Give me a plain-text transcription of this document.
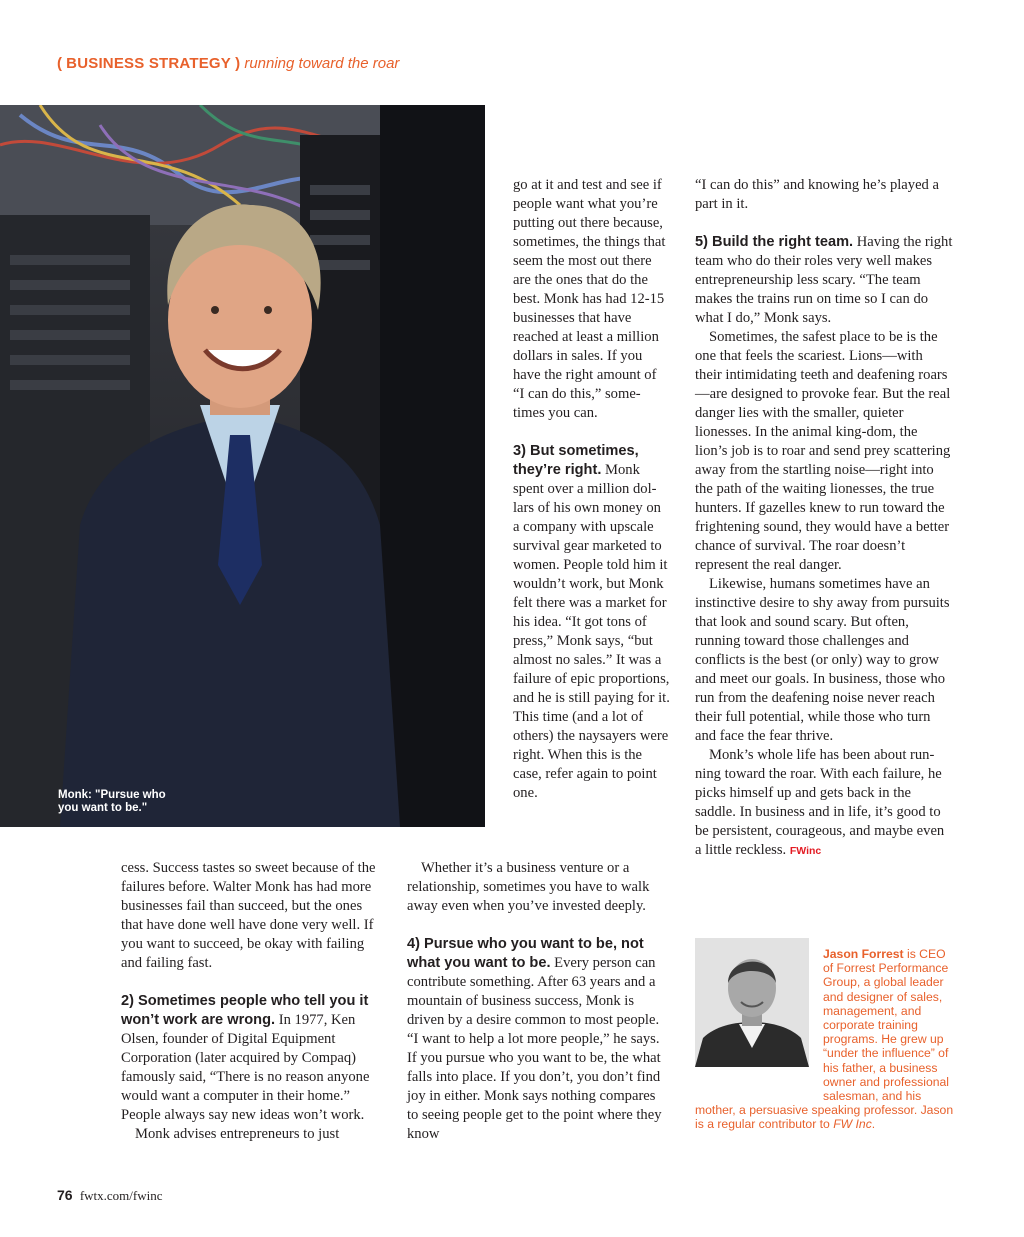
( BUSINESS STRATEGY ) running toward the roar
Monk: "Pursue who you want to be."

go at it and test and see if people want what you’re putting out there because, sometimes, the things that seem the most out there are the ones that do the best. Monk has had 12-15 businesses that have reached at least a million dollars in sales. If you have the right amount of “I can do this,” some-times you can.

3) But sometimes, they’re right. Monk spent over a million dol-lars of his own money on a company with upscale survival gear marketed to women. People told him it wouldn’t work, but Monk felt there was a market for his idea. “It got tons of press,” Monk says, “but almost no sales.” It was a failure of epic proportions, and he is still paying for it. This time (and a lot of others) the naysayers were right. When this is the case, refer again to point one.

cess. Success tastes so sweet because of the failures before. Walter Monk has had more businesses fail than succeed, but the ones that have done well have done very well. If you want to succeed, be okay with failing and failing fast.

2) Sometimes people who tell you it won’t work are wrong. In 1977, Ken Olsen, founder of Digital Equipment Corporation (later acquired by Compaq) famously said, “There is no reason anyone would want a computer in their home.” People always say new ideas won’t work.

Monk advises entrepreneurs to just

Whether it’s a business venture or a relationship, sometimes you have to walk away even when you’ve invested deeply.

4) Pursue who you want to be, not what you want to be. Every person can contribute something. After 63 years and a mountain of business success, Monk is driven by a desire common to most people. “I want to help a lot more people,” he says. If you pursue who you want to be, the what falls into place. If you don’t, you don’t find joy in either. Monk says nothing compares to seeing people get to the point where they know

“I can do this” and knowing he’s played a part in it.

5) Build the right team. Having the right team who do their roles very well makes entrepreneurship less scary. “The team makes the trains run on time so I can do what I do,” Monk says.

Sometimes, the safest place to be is the one that feels the scariest. Lions—with their intimidating teeth and deafening roars—are designed to provoke fear. But the real danger lies with the smaller, quieter lionesses. In the animal king-dom, the lion’s job is to roar and send prey scattering away from the startling noise—right into the path of the waiting lionesses, the true hunters. If gazelles knew to run toward the frightening sound, they would have a better chance of survival. The roar doesn’t represent the real danger.

Likewise, humans sometimes have an instinctive desire to shy away from pursuits that look and sound scary. But often, running toward those challenges and conflicts is the best (or only) way to grow and meet our goals. In business, those who run from the deafening noise never reach their full potential, while those who turn and face the fear thrive.

Monk’s whole life has been about run-ning toward the roar. With each failure, he picks himself up and gets back in the saddle. In business and in life, it’s good to be persistent, courageous, and maybe even a little reckless. FWinc

Jason Forrest is CEO of Forrest Performance Group, a global leader and designer of sales, management, and corporate training programs. He grew up “under the influence” of his father, a business owner and professional salesman, and his mother, a persuasive speaking professor. Jason is a regular contributor to FW Inc.
76 fwtx.com/fwinc
